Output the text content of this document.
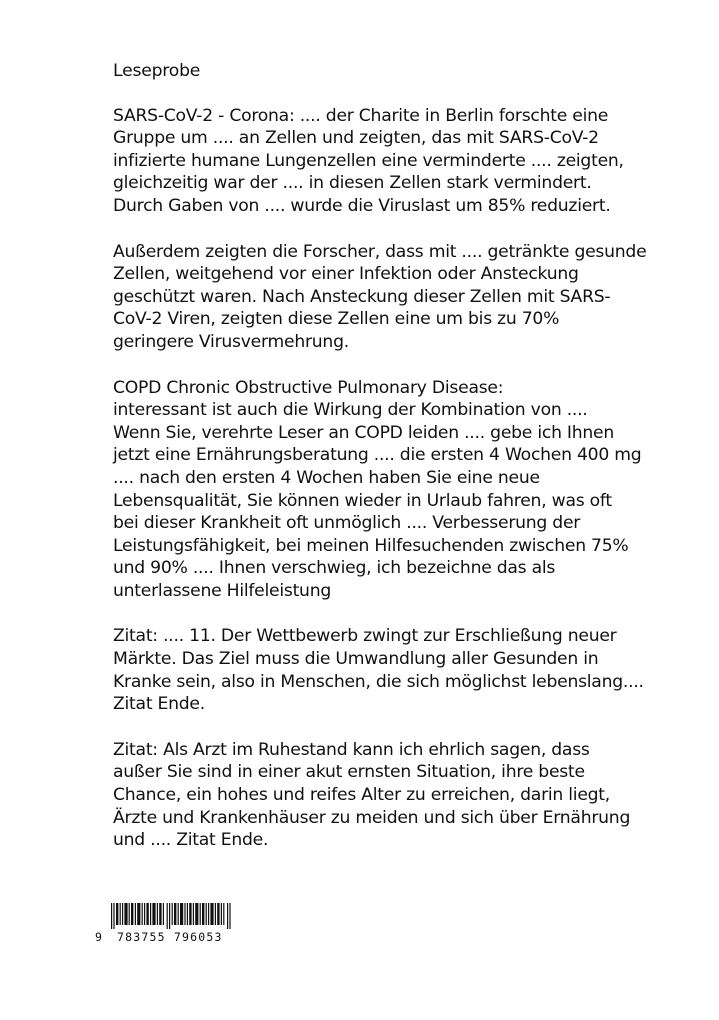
Leseprobe
SARS-CoV-2 - Corona: .... der Charite in Berlin forschte eine
Gruppe um .... an Zellen und zeigten, das mit SARS-CoV-2
infizierte humane Lungenzellen eine verminderte .... zeigten,
gleichzeitig war der .... in diesen Zellen stark vermindert.
Durch Gaben von .... wurde die Viruslast um 85% reduziert.
Außerdem zeigten die Forscher, dass mit .... getränkte gesunde
Zellen, weitgehend vor einer Infektion oder Ansteckung
geschützt waren. Nach Ansteckung dieser Zellen mit SARS-
CoV-2 Viren, zeigten diese Zellen eine um bis zu 70%
geringere Virusvermehrung.
COPD Chronic Obstructive Pulmonary Disease:
interessant ist auch die Wirkung der Kombination von ....
Wenn Sie, verehrte Leser an COPD leiden .... gebe ich Ihnen
jetzt eine Ernährungsberatung .... die ersten 4 Wochen 400 mg
.... nach den ersten 4 Wochen haben Sie eine neue
Lebensqualität, Sie können wieder in Urlaub fahren, was oft
bei dieser Krankheit oft unmöglich .... Verbesserung der
Leistungsfähigkeit, bei meinen Hilfesuchenden zwischen 75%
und 90% .... Ihnen verschwieg, ich bezeichne das als
unterlassene Hilfeleistung
Zitat: .... 11. Der Wettbewerb zwingt zur Erschließung neuer
Märkte. Das Ziel muss die Umwandlung aller Gesunden in
Kranke sein, also in Menschen, die sich möglichst lebenslang....
Zitat Ende.
Zitat: Als Arzt im Ruhestand kann ich ehrlich sagen, dass
außer Sie sind in einer akut ernsten Situation, ihre beste
Chance, ein hohes und reifes Alter zu erreichen, darin liegt,
Ärzte und Krankenhäuser zu meiden und sich über Ernährung
und .... Zitat Ende.
9 783755 796053
